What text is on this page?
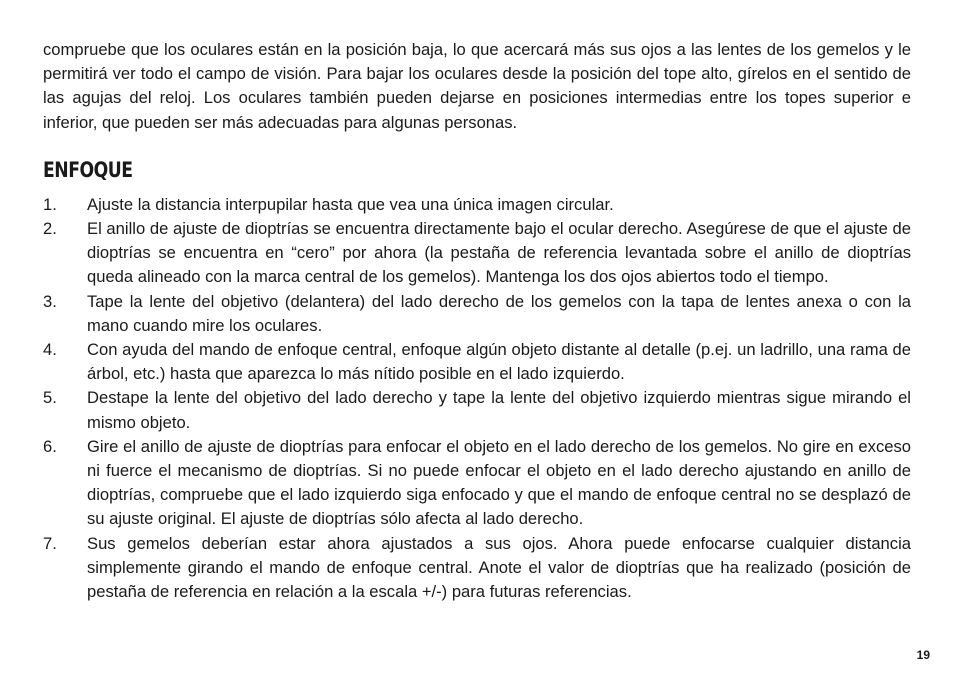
compruebe que los oculares están en la posición baja, lo que acercará más sus ojos a las lentes de los gemelos y le permitirá ver todo el campo de visión. Para bajar los oculares desde la posición del tope alto, gírelos en el sentido de las agujas del reloj. Los oculares también pueden dejarse en posiciones intermedias entre los topes superior e inferior, que pueden ser más adecuadas para algunas personas.

ENFOQUE
1. Ajuste la distancia interpupilar hasta que vea una única imagen circular.
2. El anillo de ajuste de dioptrías se encuentra directamente bajo el ocular derecho. Asegúrese de que el ajuste de dioptrías se encuentra en “cero” por ahora (la pestaña de referencia levantada sobre el anillo de dioptrías queda alineado con la marca central de los gemelos). Mantenga los dos ojos abiertos todo el tiempo.
3. Tape la lente del objetivo (delantera) del lado derecho de los gemelos con la tapa de lentes anexa o con la mano cuando mire los oculares.
4. Con ayuda del mando de enfoque central, enfoque algún objeto distante al detalle (p.ej. un ladrillo, una rama de árbol, etc.) hasta que aparezca lo más nítido posible en el lado izquierdo.
5. Destape la lente del objetivo del lado derecho y tape la lente del objetivo izquierdo mientras sigue mirando el mismo objeto.
6. Gire el anillo de ajuste de dioptrías para enfocar el objeto en el lado derecho de los gemelos. No gire en exceso ni fuerce el mecanismo de dioptrías. Si no puede enfocar el objeto en el lado derecho ajustando en anillo de dioptrías, compruebe que el lado izquierdo siga enfocado y que el mando de enfoque central no se desplazó de su ajuste original. El ajuste de dioptrías sólo afecta al lado derecho.
7. Sus gemelos deberían estar ahora ajustados a sus ojos. Ahora puede enfocarse cualquier distancia simplemente girando el mando de enfoque central. Anote el valor de dioptrías que ha realizado (posición de pestaña de referencia en relación a la escala +/-) para futuras referencias.
19
